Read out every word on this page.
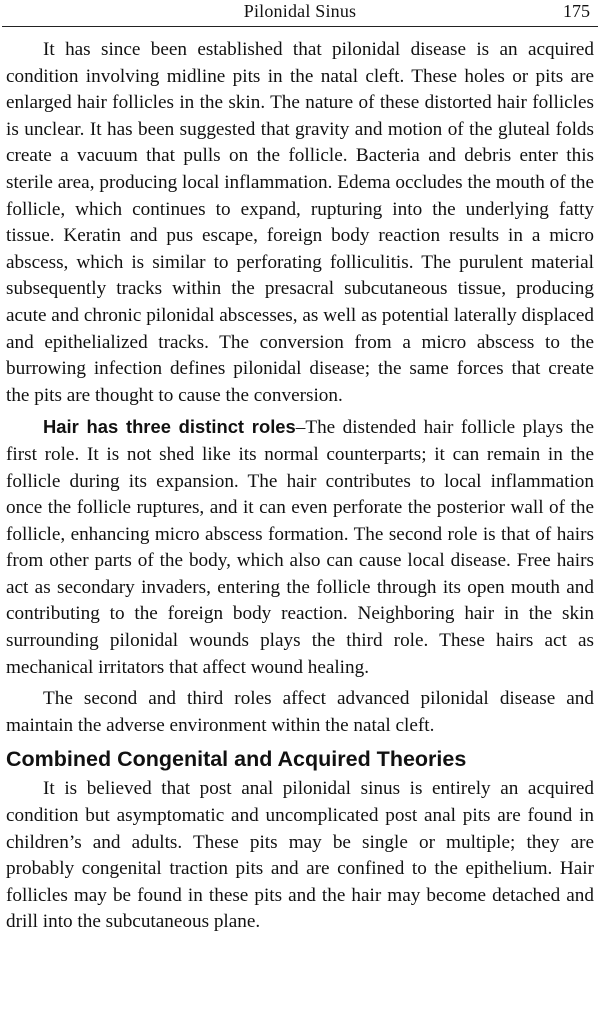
Pilonidal Sinus	175

It has since been established that pilonidal disease is an acquired condition involving midline pits in the natal cleft. These holes or pits are enlarged hair follicles in the skin. The nature of these distorted hair follicles is unclear. It has been suggested that gravity and motion of the gluteal folds create a vacuum that pulls on the follicle. Bacteria and debris enter this sterile area, producing local inflammation. Edema occludes the mouth of the follicle, which continues to expand, rupturing into the underlying fatty tissue. Keratin and pus escape, foreign body reaction results in a micro abscess, which is similar to perforating folliculitis. The purulent material subsequently tracks within the presacral subcutaneous tissue, producing acute and chronic pilonidal abscesses, as well as potential laterally displaced and epithelialized tracks. The conversion from a micro abscess to the burrowing infection defines pilonidal disease; the same forces that create the pits are thought to cause the conversion.

Hair has three distinct roles–The distended hair follicle plays the first role. It is not shed like its normal counterparts; it can remain in the follicle during its expansion. The hair contributes to local inflammation once the follicle ruptures, and it can even perforate the posterior wall of the follicle, enhancing micro abscess formation. The second role is that of hairs from other parts of the body, which also can cause local disease. Free hairs act as secondary invaders, entering the follicle through its open mouth and contributing to the foreign body reaction. Neighboring hair in the skin surrounding pilonidal wounds plays the third role. These hairs act as mechanical irritators that affect wound healing.

The second and third roles affect advanced pilonidal disease and maintain the adverse environment within the natal cleft.

Combined Congenital and Acquired Theories

It is believed that post anal pilonidal sinus is entirely an acquired condition but asymptomatic and uncomplicated post anal pits are found in children’s and adults. These pits may be single or multiple; they are probably congenital traction pits and are confined to the epithelium. Hair follicles may be found in these pits and the hair may become detached and drill into the subcutaneous plane.
